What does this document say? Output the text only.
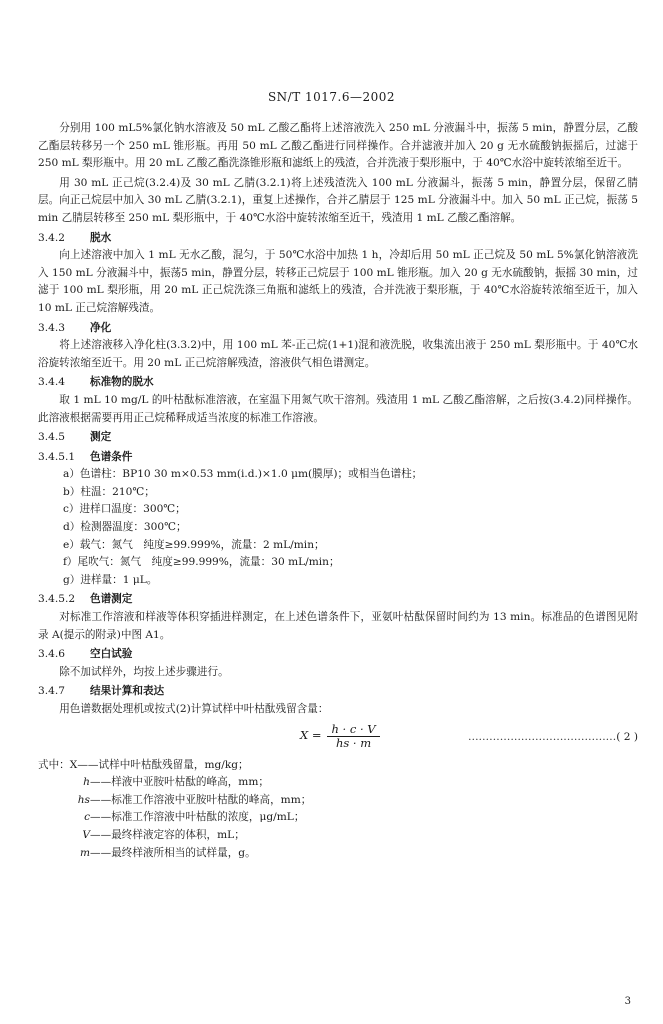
SN/T 1017.6—2002

分别用 100 mL5%氯化钠水溶液及 50 mL 乙酸乙酯将上述溶液洗入 250 mL 分液漏斗中，振荡 5 min，静置分层，乙酸乙酯层转移另一个 250 mL 锥形瓶。再用 50 mL 乙酸乙酯进行同样操作。合并滤液并加入 20 g 无水硫酸钠振摇后，过滤于 250 mL 梨形瓶中。用 20 mL 乙酸乙酯洗涤锥形瓶和滤纸上的残渣，合并洗液于梨形瓶中，于 40℃水浴中旋转浓缩至近干。

用 30 mL 正己烷(3.2.4)及 30 mL 乙腈(3.2.1)将上述残渣洗入 100 mL 分液漏斗，振荡 5 min，静置分层，保留乙腈层。向正己烷层中加入 30 mL 乙腈(3.2.1)，重复上述操作，合并乙腈层于 125 mL 分液漏斗中。加入 50 mL 正己烷，振荡 5 min 乙腈层转移至 250 mL 梨形瓶中，于 40℃水浴中旋转浓缩至近干，残渣用 1 mL 乙酸乙酯溶解。

3.4.2 脱水

向上述溶液中加入 1 mL 无水乙酸，混匀，于 50℃水浴中加热 1 h，冷却后用 50 mL 正己烷及 50 mL 5%氯化钠溶液洗入 150 mL 分液漏斗中，振荡5 min，静置分层，转移正己烷层于 100 mL 锥形瓶。加入 20 g 无水硫酸钠，振摇 30 min，过滤于 100 mL 梨形瓶，用 20 mL 正己烷洗涤三角瓶和滤纸上的残渣，合并洗液于梨形瓶，于 40℃水浴旋转浓缩至近干，加入 10 mL 正己烷溶解残渣。

3.4.3 净化

将上述溶液移入净化柱(3.3.2)中，用 100 mL 苯-正己烷(1+1)混和液洗脱，收集流出液于 250 mL 梨形瓶中。于 40℃水浴旋转浓缩至近干。用 20 mL 正己烷溶解残渣，溶液供气相色谱测定。

3.4.4 标准物的脱水

取 1 mL 10 mg/L 的叶枯酞标准溶液，在室温下用氮气吹干溶剂。残渣用 1 mL 乙酸乙酯溶解，之后按(3.4.2)同样操作。此溶液根据需要再用正己烷稀释成适当浓度的标准工作溶液。

3.4.5 测定
3.4.5.1 色谱条件

a）色谱柱：BP10 30 m×0.53 mm(i.d.)×1.0 μm(膜厚)；或相当色谱柱；

b）柱温：210℃；

c）进样口温度：300℃；

d）检测器温度：300℃；

e）载气：氮气　纯度≥99.999%，流量：2 mL/min；

f）尾吹气：氮气　纯度≥99.999%，流量：30 mL/min；

g）进样量：1 μL。

3.4.5.2 色谱测定

对标准工作溶液和样液等体积穿插进样测定，在上述色谱条件下，亚氨叶枯酞保留时间约为 13 min。标准品的色谱图见附录 A(提示的附录)中图 A1。

3.4.6 空白试验

除不加试样外，均按上述步骤进行。

3.4.7 结果计算和表达

用色谱数据处理机或按式(2)计算试样中叶枯酞残留含量：

$X = \frac{h \cdot c \cdot V}{hs \cdot m}$	……………………………………( 2 )

式中：X——试样中叶枯酞残留量，mg/kg；

h——样液中亚胺叶枯酞的峰高，mm；

hs——标准工作溶液中亚胺叶枯酞的峰高，mm；

c——标准工作溶液中叶枯酞的浓度，μg/mL；

V——最终样液定容的体积，mL；

m——最终样液所相当的试样量，g。

3
